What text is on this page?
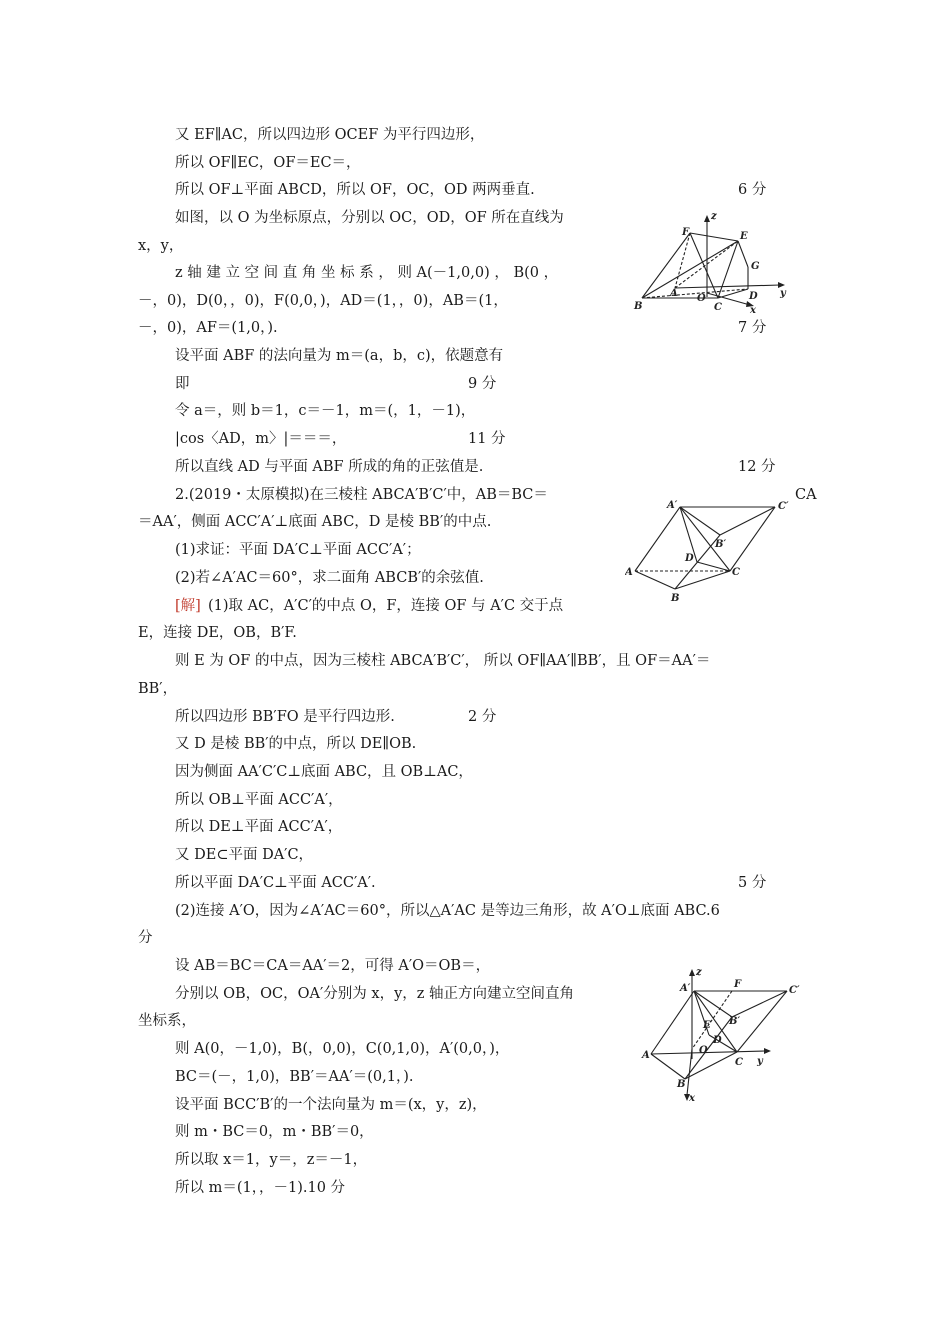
又 EF∥AC，所以四边形 OCEF 为平行四边形，
所以 OF∥EC，OF＝EC＝，
所以 OF⊥平面 ABCD，所以 OF，OC，OD 两两垂直.	6 分
如图，以 O 为坐标原点，分别以 OC，OD，OF 所在直线为
x，y，
z 轴 建 立 空 间 直 角 坐 标 系 ， 则 A(－1,0,0) ， B(0 ，
－，0)，D(0，，0)，F(0,0，)，AD＝(1，，0)，AB＝(1，
－，0)，AF＝(1,0，).	7 分
设平面 ABF 的法向量为 m＝(a，b，c)，依题意有
即	9 分
令 a＝，则 b＝1，c＝－1，m＝(，1，－1)，
|cos〈AD，m〉|＝＝＝，	11 分
所以直线 AD 与平面 ABF 所成的角的正弦值是.	12 分
2.(2019・太原模拟)在三棱柱 ABCA′B′C′中，AB＝BC＝	CA
＝AA′，侧面 ACC′A′⊥底面 ABC，D 是棱 BB′的中点.
(1)求证：平面 DA′C⊥平面 ACC′A′；
(2)若∠A′AC＝60°，求二面角 ABCB′的余弦值.
[解] (1)取 AC，A′C′的中点 O，F，连接 OF 与 A′C 交于点
E，连接 DE，OB，B′F.
则 E 为 OF 的中点，因为三棱柱 ABCA′B′C′， 所以 OF∥AA′∥BB′，且 OF＝AA′＝
BB′，
所以四边形 BB′FO 是平行四边形.	2 分
又 D 是棱 BB′的中点，所以 DE∥OB.
因为侧面 AA′C′C⊥底面 ABC，且 OB⊥AC，
所以 OB⊥平面 ACC′A′，
所以 DE⊥平面 ACC′A′，
又 DE⊂平面 DA′C，
所以平面 DA′C⊥平面 ACC′A′.	5 分
(2)连接 A′O，因为∠A′AC＝60°，所以△A′AC 是等边三角形，故 A′O⊥底面 ABC.6
分
设 AB＝BC＝CA＝AA′＝2，可得 A′O＝OB＝，
分别以 OB，OC，OA′分别为 x，y，z 轴正方向建立空间直角
坐标系，
则 A(0，－1,0)，B(，0,0)，C(0,1,0)，A′(0,0，)，
BC＝(－，1,0)，BB′＝AA′＝(0,1，).
设平面 BCC′B′的一个法向量为 m＝(x，y，z)，
则 m・BC＝0，m・BB′＝0，
所以取 x＝1，y＝，z＝－1，
所以 m＝(1，，－1).10 分
z
F	E
G
A O	D y
B	C	x
A′	C′
B′
D
A	C
B
z
A′	F
C′
E B′
D
O
A
C y
B
x
